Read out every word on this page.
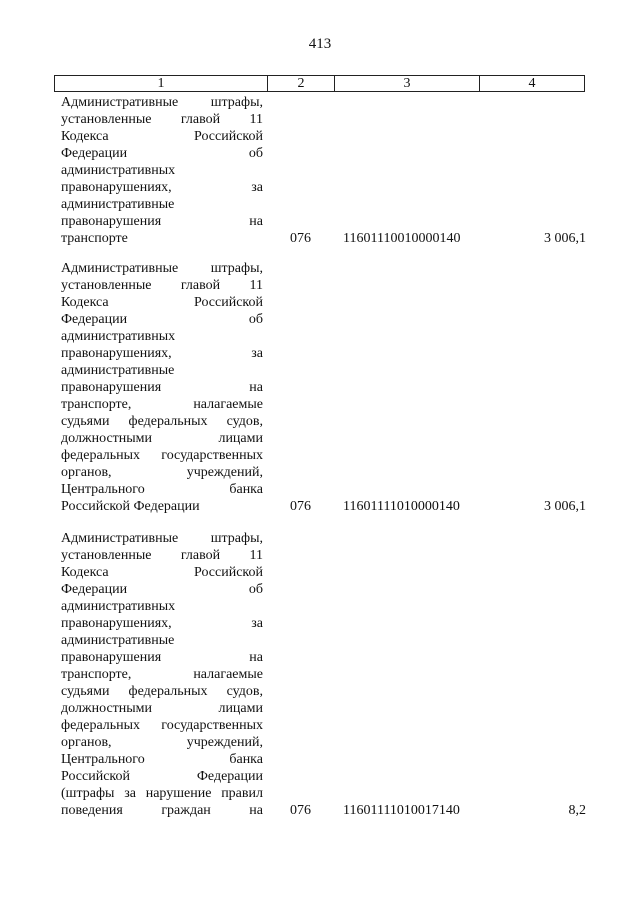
413
1	2	3	4
Административные штрафы,
установленные главой 11
Кодекса Российской
Федерации об
административных
правонарушениях, за
административные
правонарушения на
транспорте	076	11601110010000140	3 006,1
Административные штрафы,
установленные главой 11
Кодекса Российской
Федерации об
административных
правонарушениях, за
административные
правонарушения на
транспорте, налагаемые
судьями федеральных судов,
должностными лицами
федеральных государственных
органов, учреждений,
Центрального банка
Российской Федерации	076	11601111010000140	3 006,1
Административные штрафы,
установленные главой 11
Кодекса Российской
Федерации об
административных
правонарушениях, за
административные
правонарушения на
транспорте, налагаемые
судьями федеральных судов,
должностными лицами
федеральных государственных
органов, учреждений,
Центрального банка
Российской Федерации
(штрафы за нарушение правил
поведения граждан на 076	11601111010017140	8,2
